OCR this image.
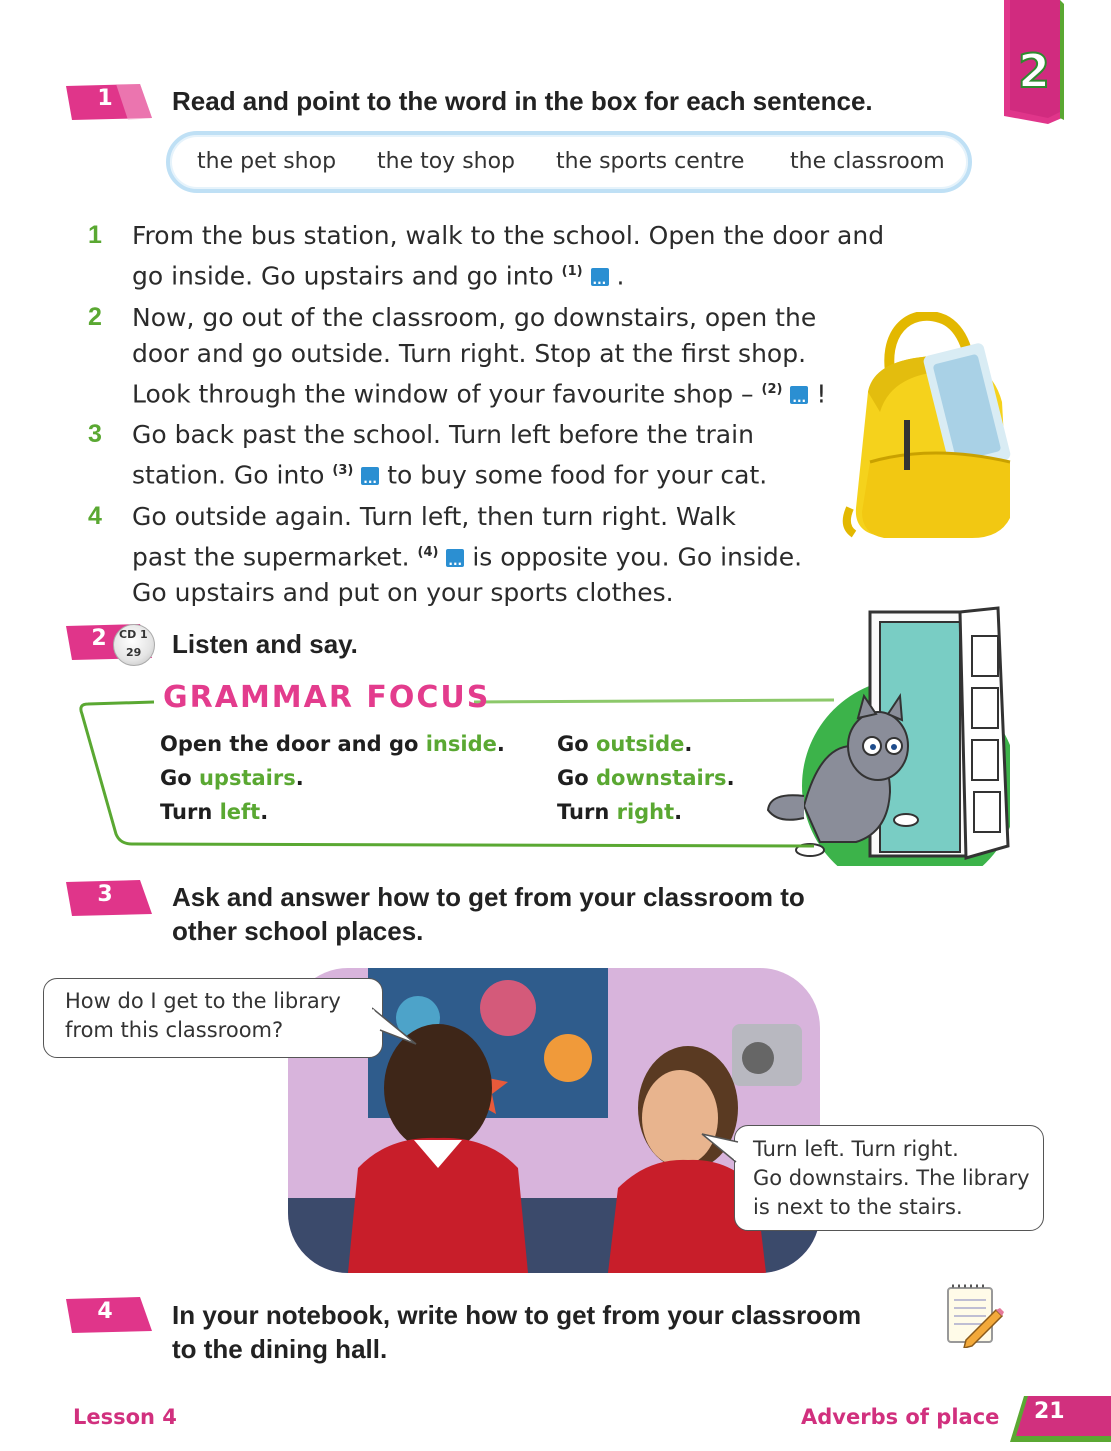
2
1	Read and point to the word in the box for each sentence.
the pet shop the toy shop the sports centre the classroom
1 From the bus station, walk to the school. Open the door and
go inside. Go upstairs and go into $^{(1)}$ ... .
2 Now, go out of the classroom, go downstairs, open the
door and go outside. Turn right. Stop at the first shop.
Look through the window of your favourite shop – $^{(2)}$ ... !
3 Go back past the school. Turn left before the train
station. Go into $^{(3)}$ ... to buy some food for your cat.
4 Go outside again. Turn left, then turn right. Walk
past the supermarket. $^{(4)}$ ... is opposite you. Go inside.
Go upstairs and put on your sports clothes.
2	CD 1
29 Listen and say.
GRAMMAR FOCUS
Open the door and go inside.
Go upstairs.
Turn left.
Go outside.
Go downstairs.
Turn right.
3	Ask and answer how to get from your classroom to
other school places.
How do I get to the library
from this classroom?
Turn left. Turn right.
Go downstairs. The library
is next to the stairs.
4	In your notebook, write how to get from your classroom
to the dining hall.
Lesson 4	Adverbs of place 21
